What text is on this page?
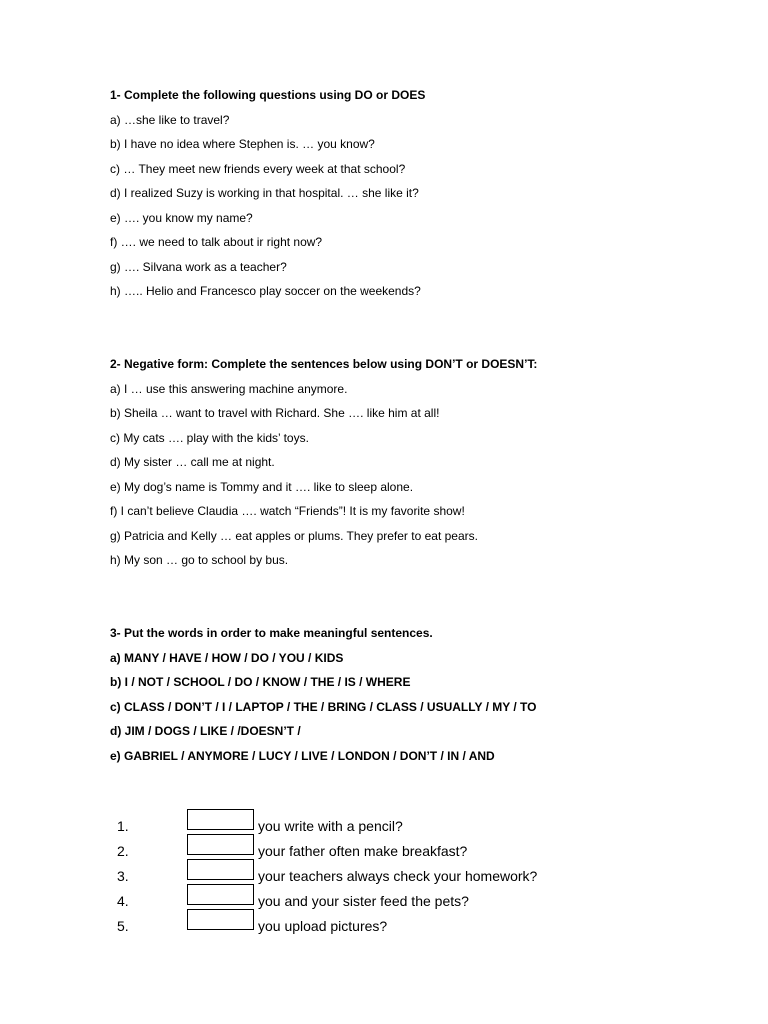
1- Complete the following questions using DO or DOES
a) …she like to travel?
b) I have no idea where Stephen is. … you know?
c) … They meet new friends every week at that school?
d) I realized Suzy is working in that hospital. … she like it?
e) …. you know my name?
f) …. we need to talk about ir right now?
g) …. Silvana work as a teacher?
h) ….. Helio and Francesco play soccer on the weekends?
2- Negative form: Complete the sentences below using DON’T or DOESN’T:
a) I … use this answering machine anymore.
b) Sheila … want to travel with Richard. She …. like him at all!
c) My cats …. play with the kids’ toys.
d) My sister … call me at night.
e) My dog’s name is Tommy and it …. like to sleep alone.
f) I can’t believe Claudia …. watch “Friends”! It is my favorite show!
g) Patricia and Kelly … eat apples or plums. They prefer to eat pears.
h) My son … go to school by bus.
3- Put the words in order to make meaningful sentences.
a) MANY / HAVE / HOW / DO / YOU / KIDS
b) I / NOT / SCHOOL / DO / KNOW / THE / IS / WHERE
c) CLASS / DON’T / I / LAPTOP / THE / BRING / CLASS / USUALLY / MY / TO
d) JIM / DOGS / LIKE / /DOESN’T /
e) GABRIEL / ANYMORE / LUCY / LIVE / LONDON / DON’T / IN / AND
1.	you write with a pencil?
2.	your father often make breakfast?
3.	your teachers always check your homework?
4.	you and your sister feed the pets?
5.	you upload pictures?
